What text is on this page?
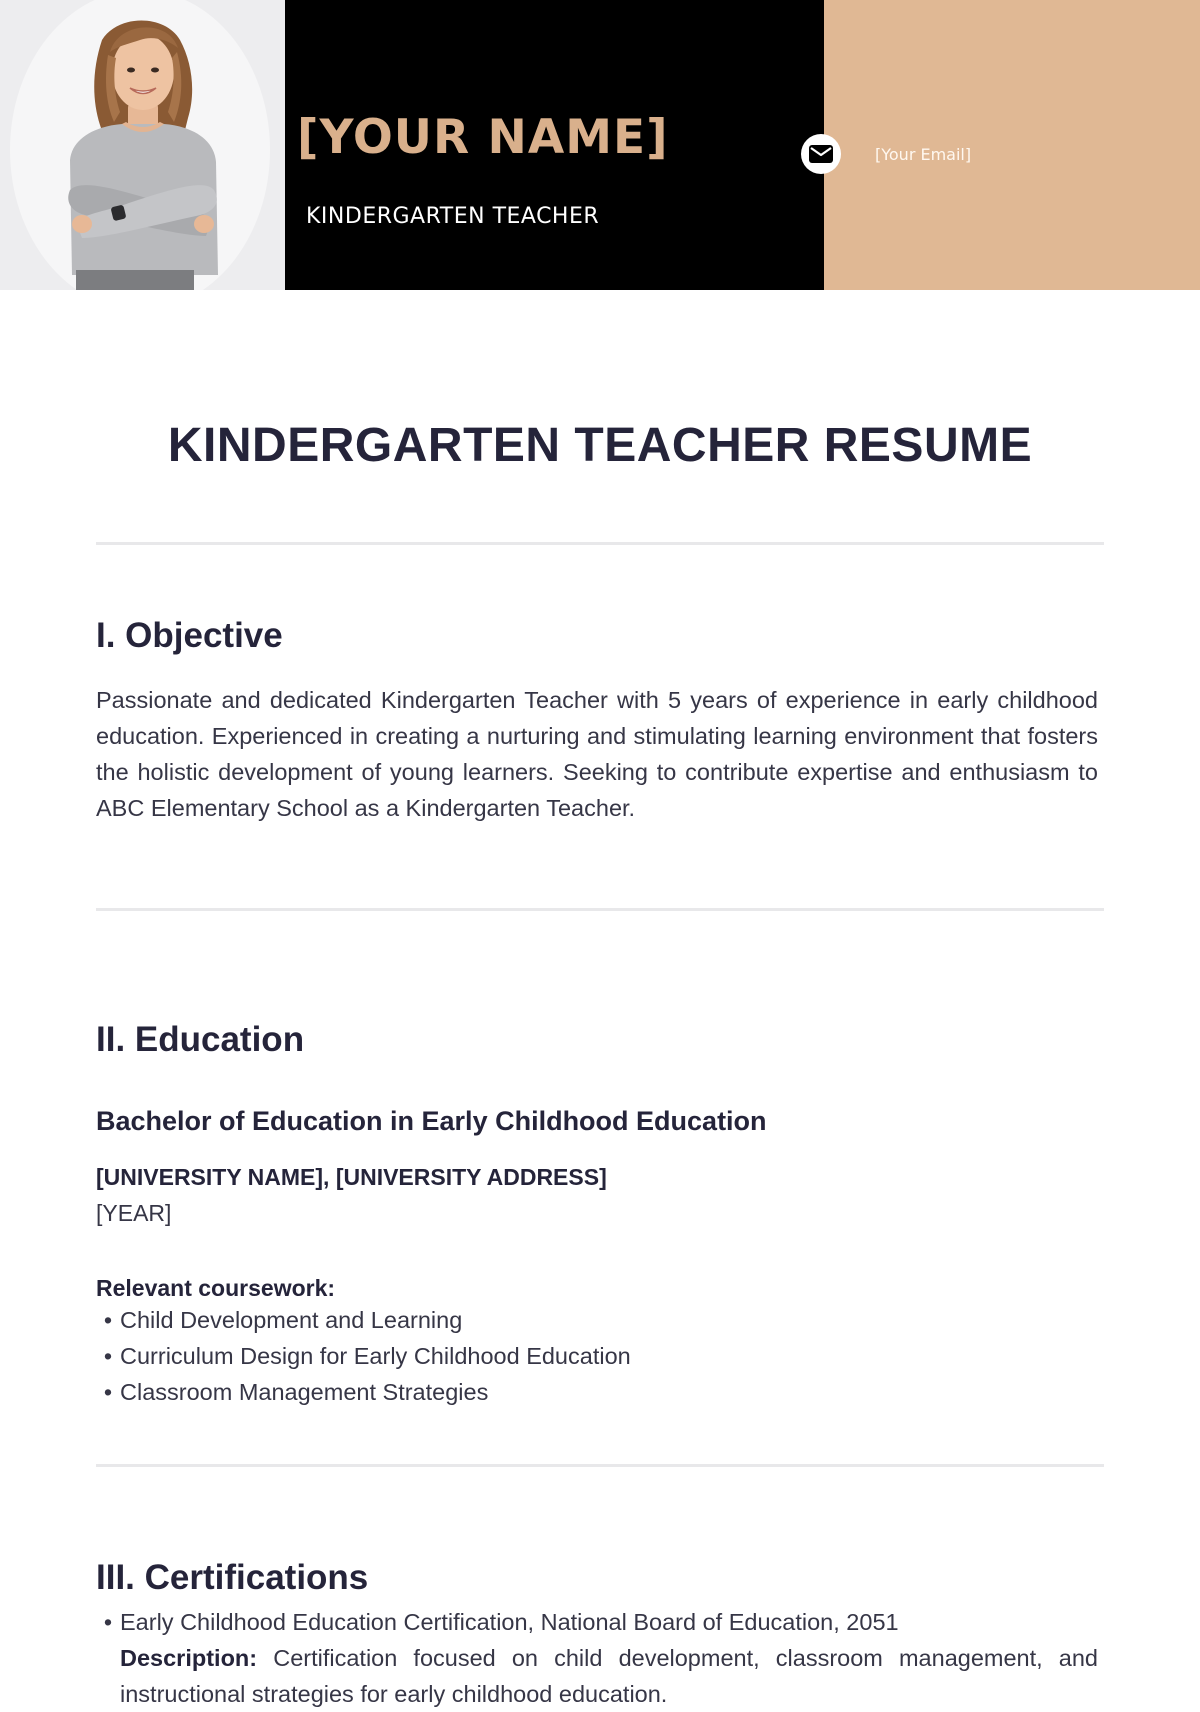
[YOUR NAME]
KINDERGARTEN TEACHER
[Your Email]
KINDERGARTEN TEACHER RESUME
I. Objective

Passionate and dedicated Kindergarten Teacher with 5 years of experience in early childhood education. Experienced in creating a nurturing and stimulating learning environment that fosters the holistic development of young learners. Seeking to contribute expertise and enthusiasm to ABC Elementary School as a Kindergarten Teacher.

II. Education
Bachelor of Education in Early Childhood Education
[UNIVERSITY NAME], [UNIVERSITY ADDRESS]
[YEAR]
Relevant coursework:
• Child Development and Learning
• Curriculum Design for Early Childhood Education
• Classroom Management Strategies
III. Certifications
• Early Childhood Education Certification, National Board of Education, 2051

Description: Certification focused on child development, classroom management, and instructional strategies for early childhood education.
